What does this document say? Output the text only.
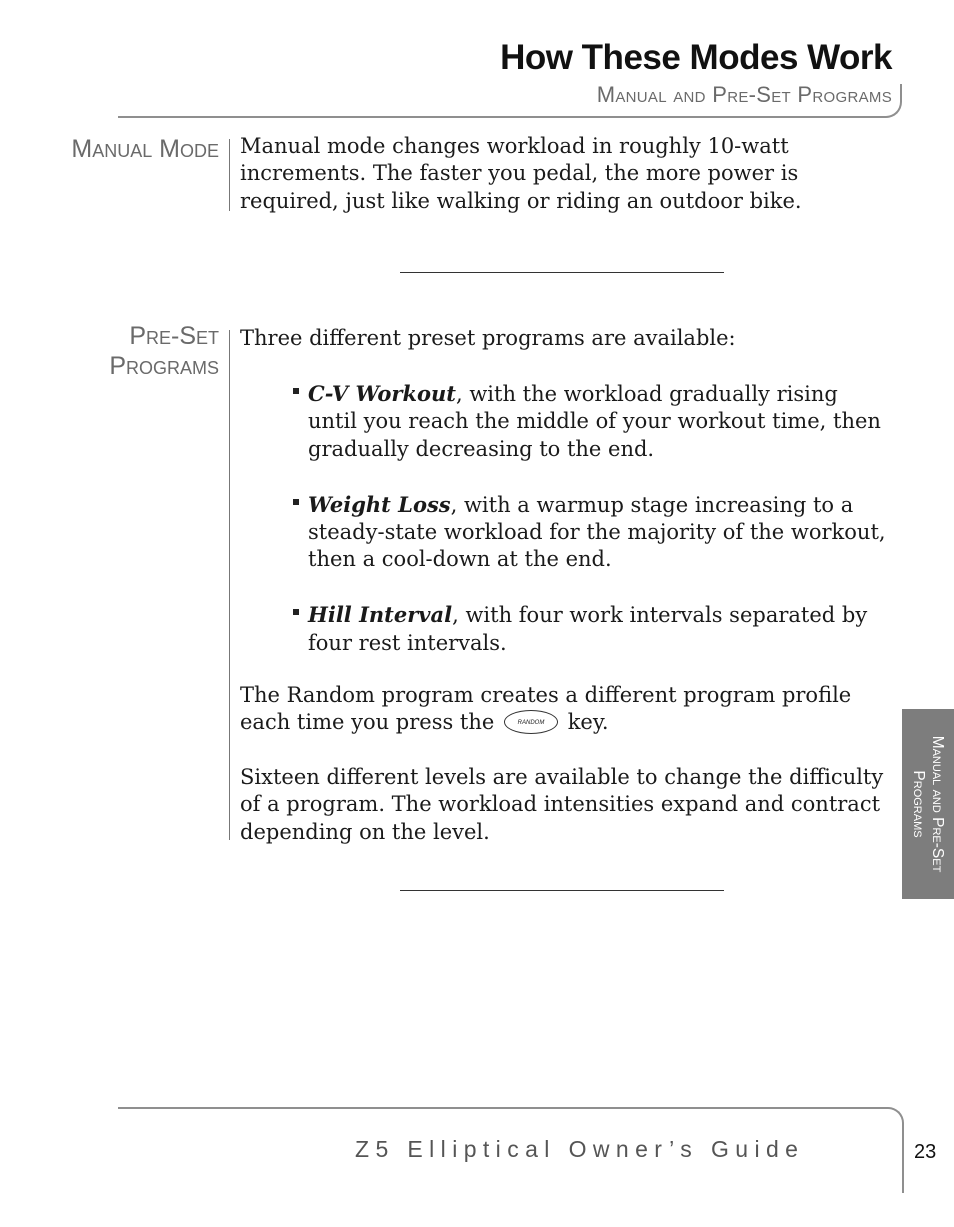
How These Modes Work
Manual and Pre-Set Programs
Manual Mode Manual mode changes workload in roughly 10-watt increments. The faster you pedal, the more power is required, just like walking or riding an outdoor bike.

Pre-Set
Programs

Three different preset programs are available:

C-V Workout, with the workload gradually rising until you reach the middle of your workout time, then gradually decreasing to the end.
Weight Loss, with a warmup stage increasing to a steady-state workload for the majority of the workout, then a cool-down at the end.
Hill Interval, with four work intervals separated by four rest intervals.

The Random program creates a different program profile each time you press the	RANDOM key.

Sixteen different levels are available to change the difficulty of a program. The workload intensities expand and contract depending on the level.	Manual and Pre-Set
Programs
Z5 Elliptical Owner’s Guide	23
